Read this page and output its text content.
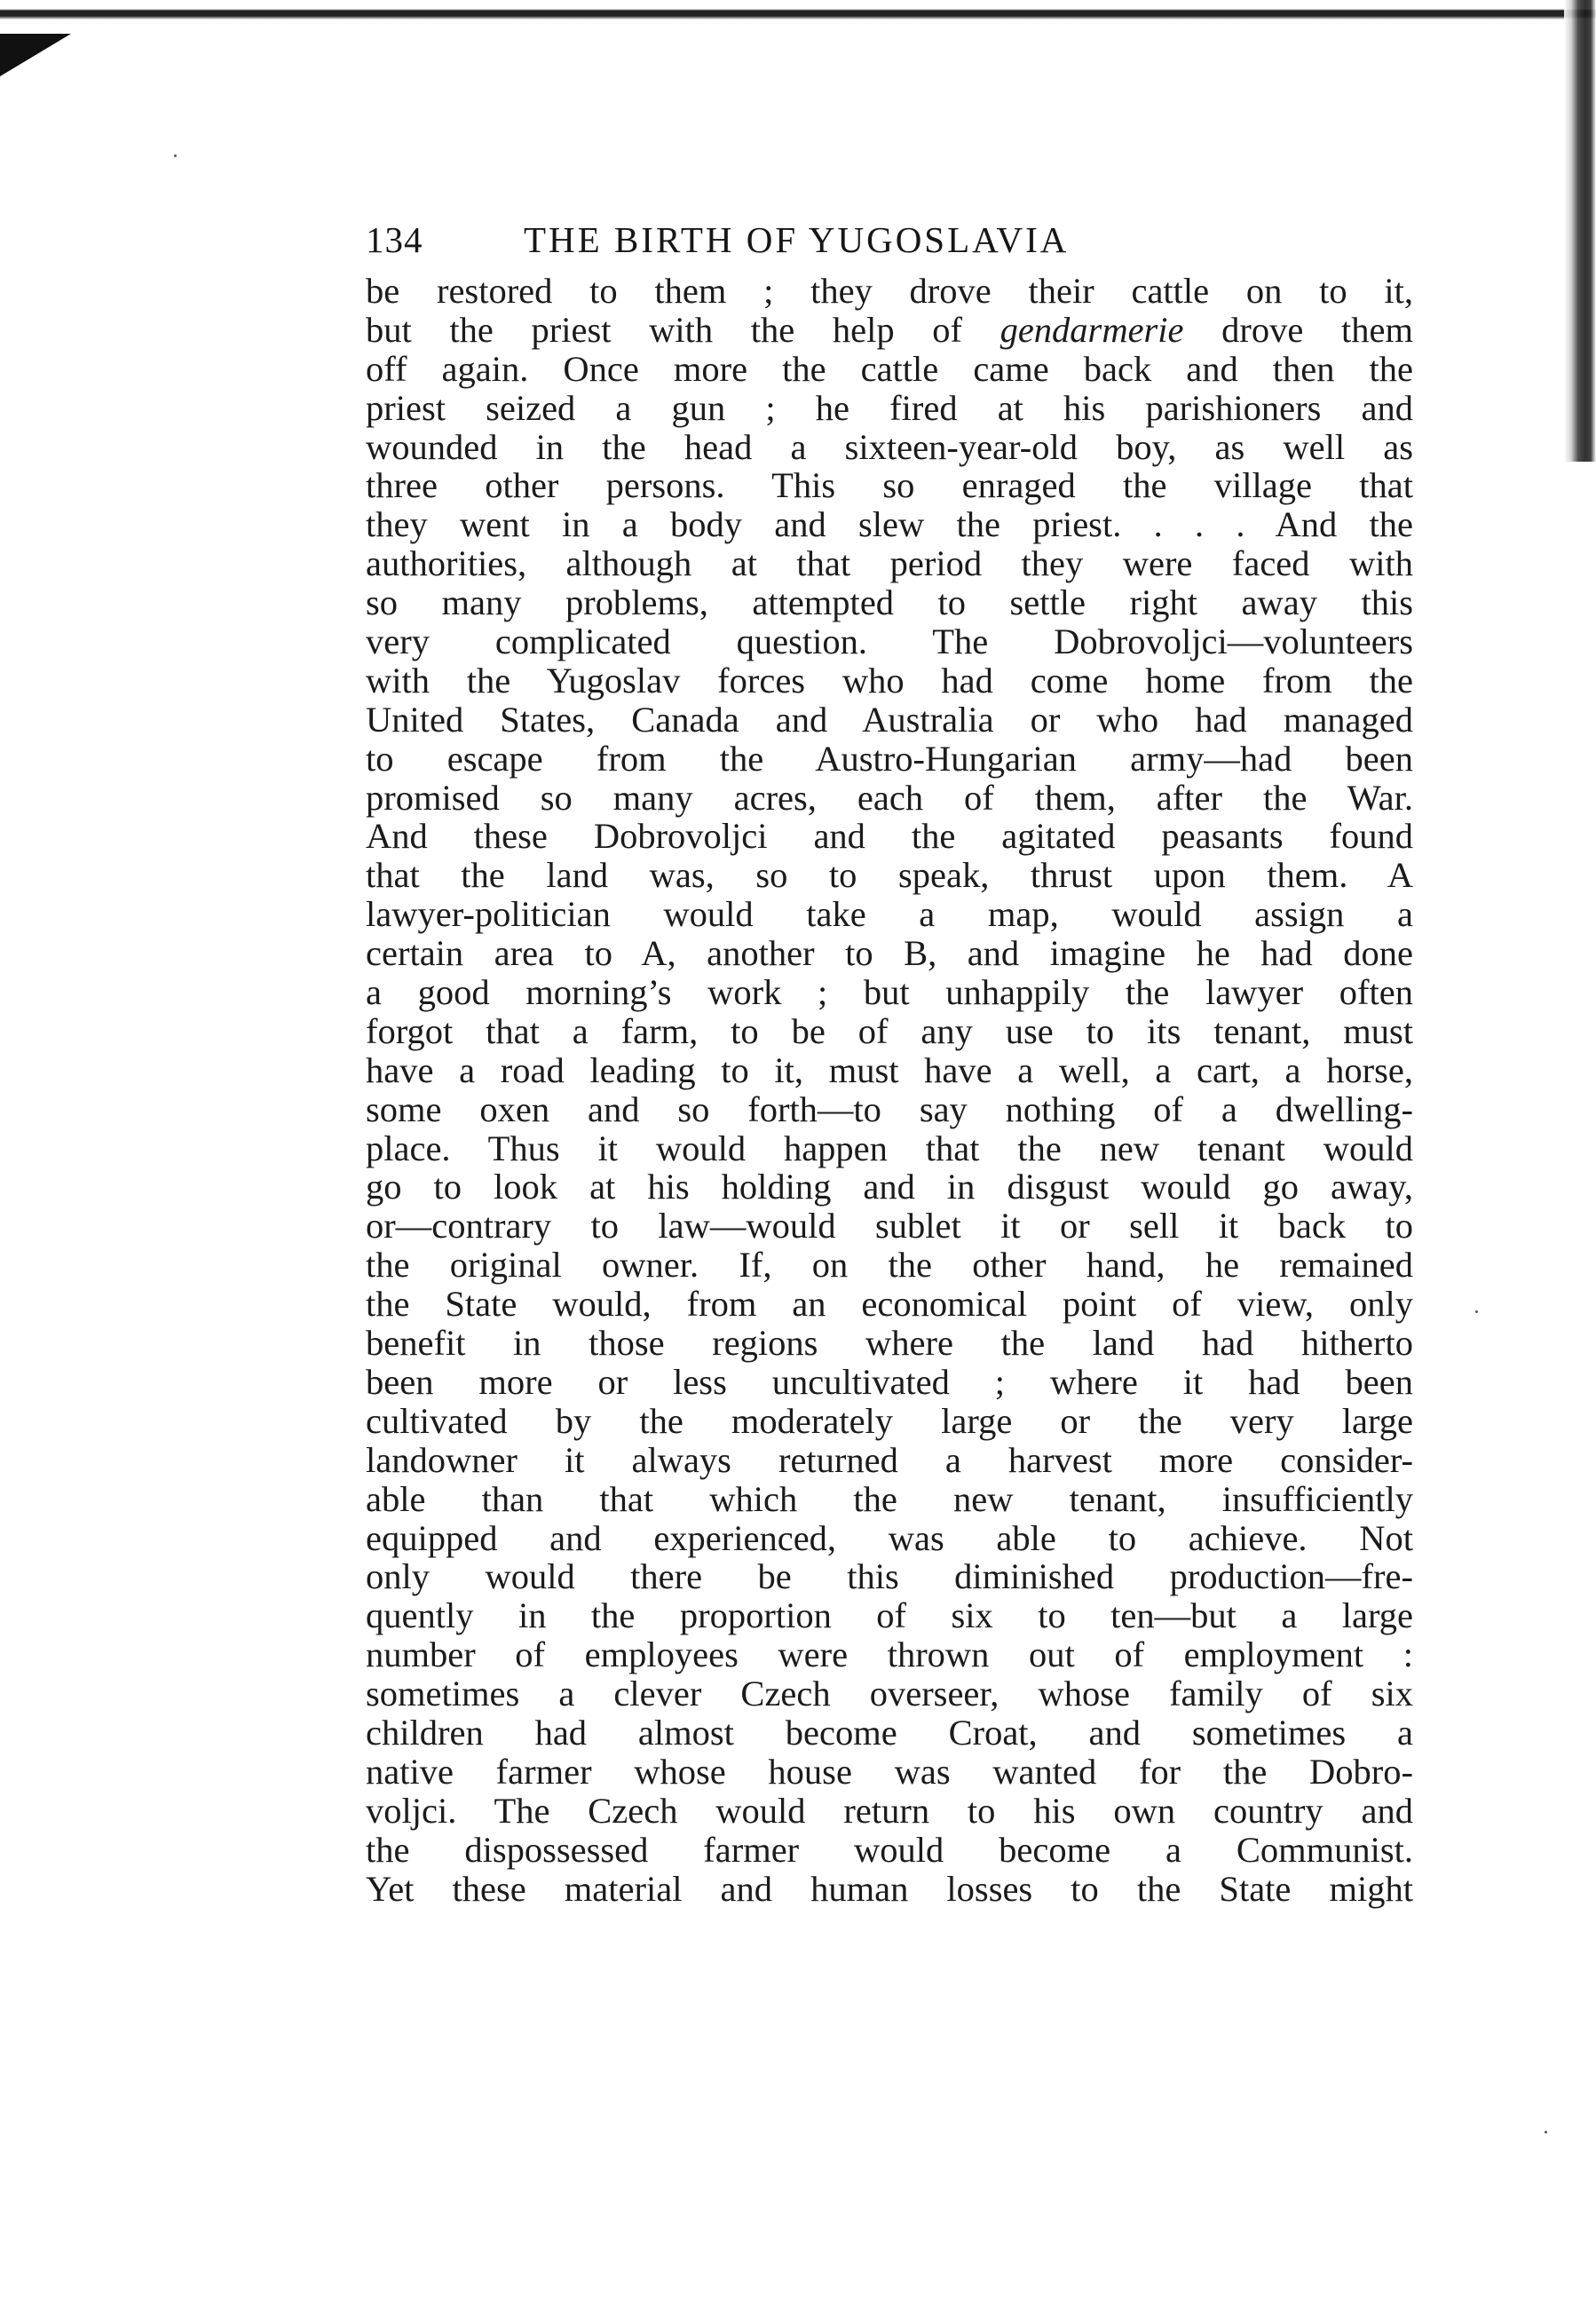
134	THE BIRTH OF YUGOSLAVIA
be restored to them ; they drove their cattle on to it,
but the priest with the help of gendarmerie drove them
off again. Once more the cattle came back and then the
priest seized a gun ; he fired at his parishioners and
wounded in the head a sixteen-year-old boy, as well as
three other persons. This so enraged the village that
they went in a body and slew the priest. . . . And the
authorities, although at that period they were faced with
so many problems, attempted to settle right away this
very complicated question. The Dobrovoljci—volunteers
with the Yugoslav forces who had come home from the
United States, Canada and Australia or who had managed
to escape from the Austro-Hungarian army—had been
promised so many acres, each of them, after the War.
And these Dobrovoljci and the agitated peasants found
that the land was, so to speak, thrust upon them. A
lawyer-politician would take a map, would assign a
certain area to A, another to B, and imagine he had done
a good morning’s work ; but unhappily the lawyer often
forgot that a farm, to be of any use to its tenant, must
have a road leading to it, must have a well, a cart, a horse,
some oxen and so forth—to say nothing of a dwelling-
place. Thus it would happen that the new tenant would
go to look at his holding and in disgust would go away,
or—contrary to law—would sublet it or sell it back to
the original owner. If, on the other hand, he remained
the State would, from an economical point of view, only
benefit in those regions where the land had hitherto
been more or less uncultivated ; where it had been
cultivated by the moderately large or the very large
landowner it always returned a harvest more consider-
able than that which the new tenant, insufficiently
equipped and experienced, was able to achieve. Not
only would there be this diminished production—fre-
quently in the proportion of six to ten—but a large
number of employees were thrown out of employment :
sometimes a clever Czech overseer, whose family of six
children had almost become Croat, and sometimes a
native farmer whose house was wanted for the Dobro-
voljci. The Czech would return to his own country and
the dispossessed farmer would become a Communist.
Yet these material and human losses to the State might
